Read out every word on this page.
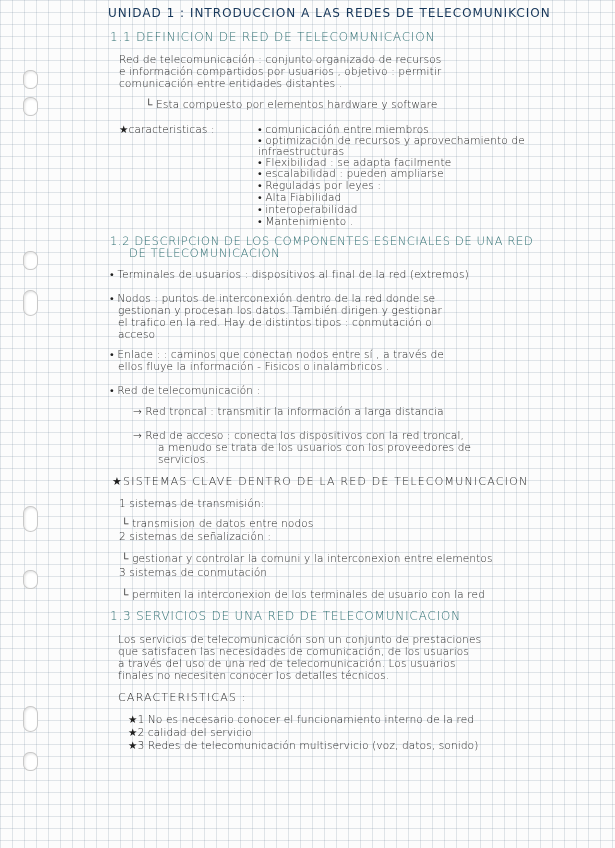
UNIDAD 1 : INTRODUCCION A LAS REDES DE TELECOMUNIKCION

1.1 DEFINICION DE RED DE TELECOMUNICACION

Red de telecomunicación : conjunto organizado de recursos

e información compartidos por usuarios , objetivo : permitir

comunicación entre entidades distantes .

└ Esta compuesto por elementos hardware y software

★caracteristicas :	• comunicación entre miembros

• optimización de recursos y aprovechamiento de

infraestructuras

• Flexibilidad : se adapta facilmente

• escalabilidad : pueden ampliarse

• Reguladas por leyes :

• Alta Fiabilidad

• interoperabilidad

• Mantenimiento .

1.2 DESCRIPCION DE LOS COMPONENTES ESENCIALES DE UNA RED

DE TELECOMUNICACION

• Terminales de usuarios : dispositivos al final de la red (extremos)

• Nodos : puntos de interconexión dentro de la red donde se

gestionan y procesan los datos. También dirigen y gestionar

el trafico en la red. Hay de distintos tipos : conmutación o

acceso

• Enlace : : caminos que conectan nodos entre sí , a través de

ellos fluye la información - Fisicos o inalambricos .

• Red de telecomunicación :

→ Red troncal : transmitir la información a larga distancia

→ Red de acceso : conecta los dispositivos con la red troncal,

a menudo se trata de los usuarios con los proveedores de

servicios.

★SISTEMAS CLAVE DENTRO DE LA RED DE TELECOMUNICACION

1 sistemas de transmisión:

└ transmision de datos entre nodos

2 sistemas de señalización :

└ gestionar y controlar la comuni y la interconexion entre elementos

3 sistemas de conmutación

└ permiten la interconexion de los terminales de usuario con la red

1.3 SERVICIOS DE UNA RED DE TELECOMUNICACION

Los servicios de telecomunicación son un conjunto de prestaciones

que satisfacen las necesidades de comunicación, de los usuarios

a través del uso de una red de telecomunicación. Los usuarios

finales no necesiten conocer los detalles técnicos.

CARACTERISTICAS :

★1 No es necesario conocer el funcionamiento interno de la red

★2 calidad del servicio

★3 Redes de telecomunicación multiservicio (voz, datos, sonido)
